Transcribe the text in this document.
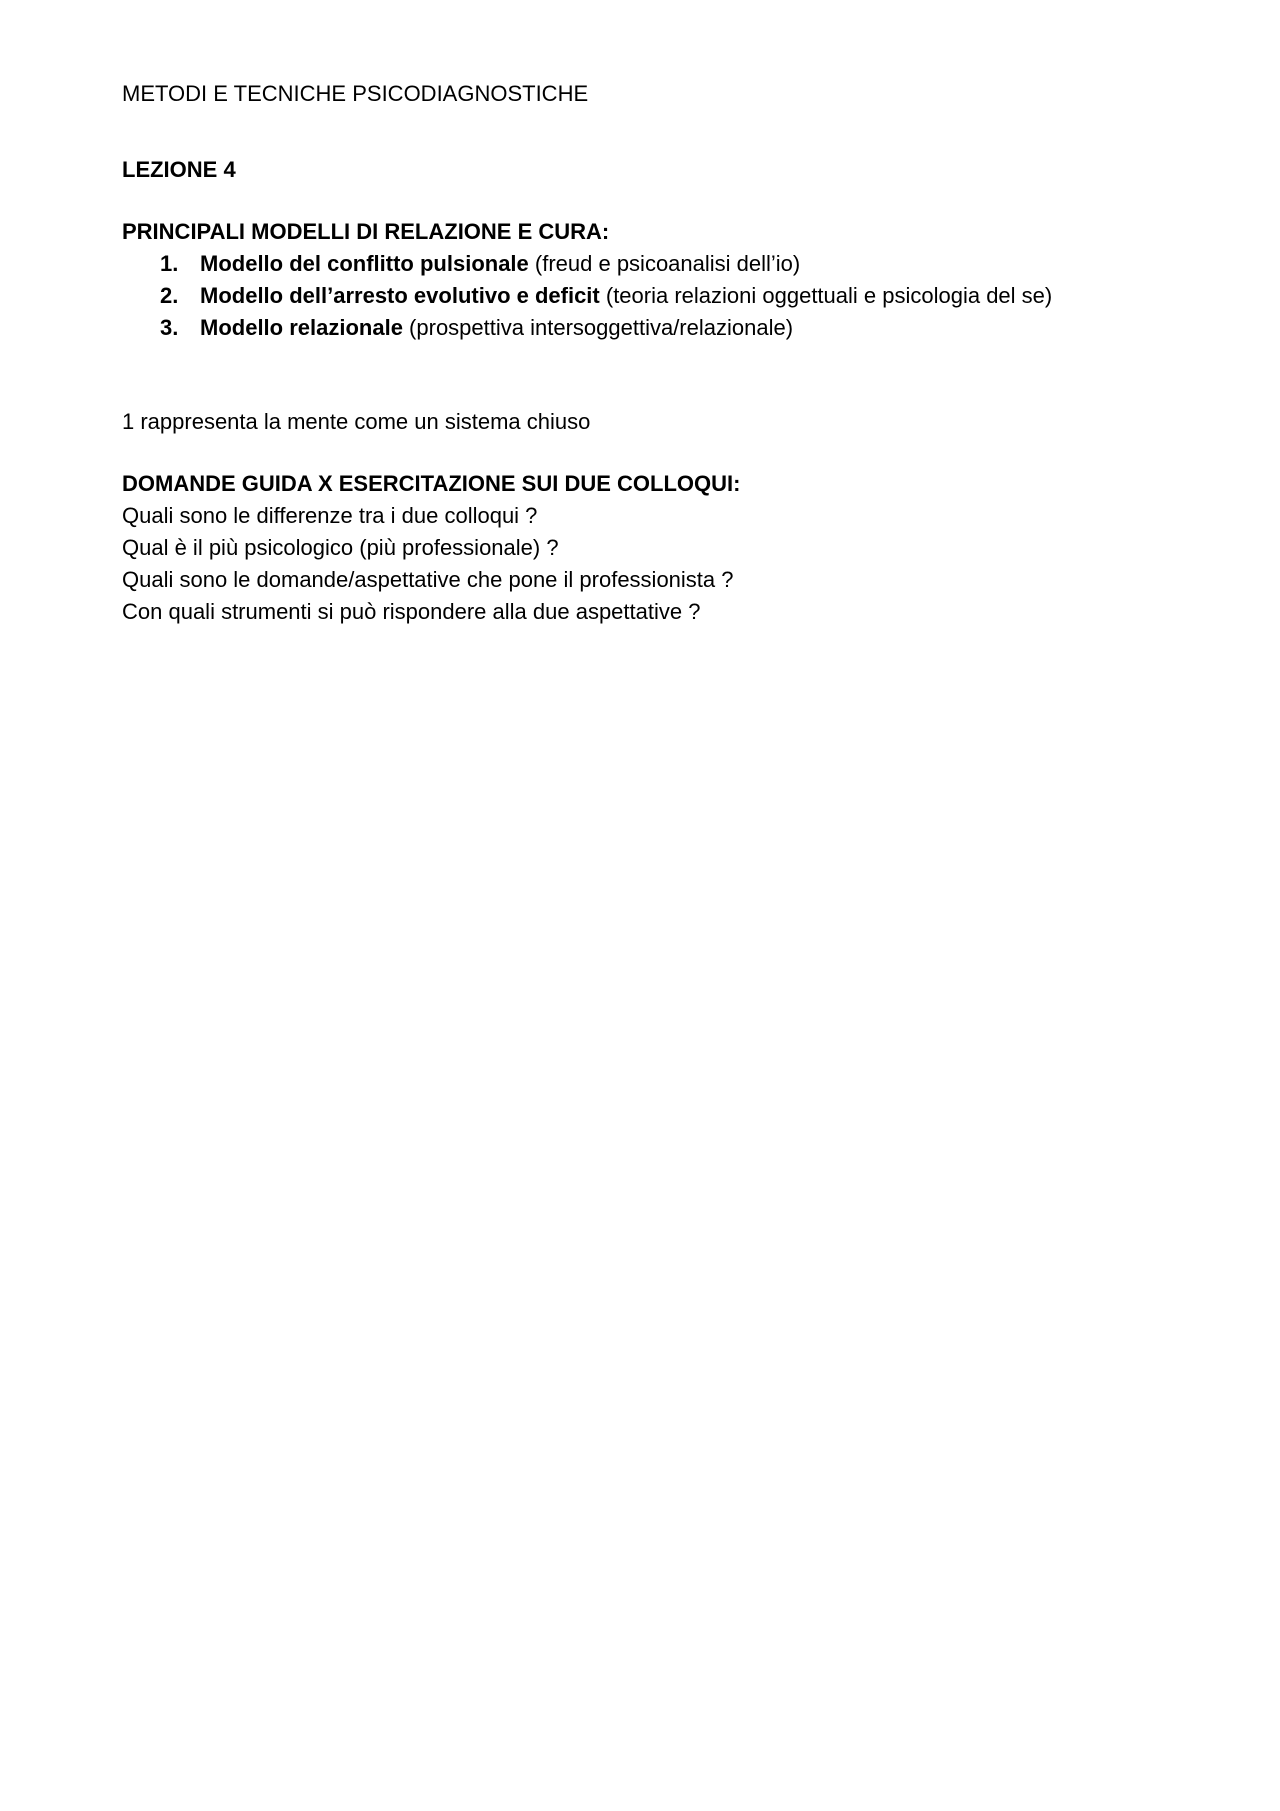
METODI E TECNICHE PSICODIAGNOSTICHE

LEZIONE 4

PRINCIPALI MODELLI DI RELAZIONE E CURA:

1. Modello del conflitto pulsionale (freud e psicoanalisi dell’io)
2. Modello dell’arresto evolutivo e deficit (teoria relazioni oggettuali e psicologia del se)
3. Modello relazionale (prospettiva intersoggettiva/relazionale)

1 rappresenta la mente come un sistema chiuso

DOMANDE GUIDA X ESERCITAZIONE SUI DUE COLLOQUI:

Quali sono le differenze tra i due colloqui ?

Qual è il più psicologico (più professionale) ?

Quali sono le domande/aspettative che pone il professionista ?

Con quali strumenti si può rispondere alla due aspettative ?
